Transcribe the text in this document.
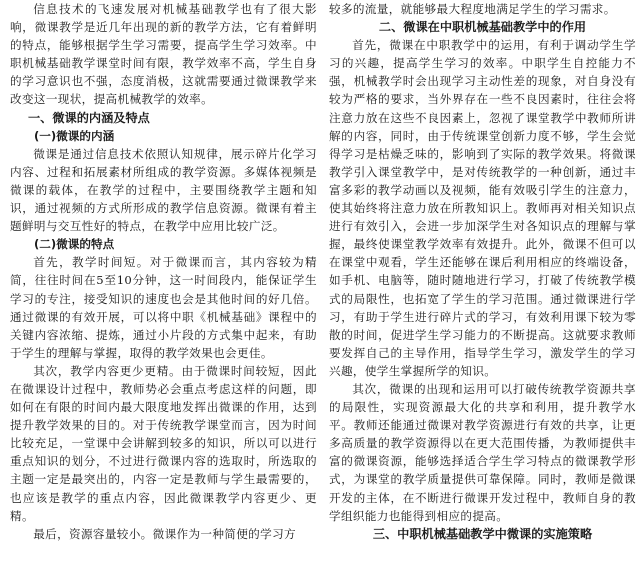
信息技术的飞速发展对机械基础教学也有了很大影响，微课教学是近几年出现的新的教学方法，它有着鲜明的特点，能够根据学生学习需要，提高学生学习效率。中职机械基础教学课堂时间有限，教学效率不高，学生自身的学习意识也不强，态度消极，这就需要通过微课教学来改变这一现状，提高机械教学的效率。

一、微课的内涵及特点
(一)微课的内涵

微课是通过信息技术依照认知规律，展示碎片化学习内容、过程和拓展素材所组成的教学资源。多媒体视频是微课的载体，在教学的过程中，主要围绕教学主题和知识，通过视频的方式所形成的教学信息资源。微课有着主题鲜明与交互性好的特点，在教学中应用比较广泛。

(二)微课的特点

首先，教学时间短。对于微课而言，其内容较为精简，往往时间在5至10分钟，这一时间段内，能保证学生学习的专注，接受知识的速度也会是其他时间的好几倍。通过微课的有效开展，可以将中职《机械基础》课程中的关键内容浓缩、提炼，通过小片段的方式集中起来，有助于学生的理解与掌握，取得的教学效果也会更佳。

其次，教学内容更少更精。由于微课时间较短，因此在微课设计过程中，教师势必会重点考虑这样的问题，即如何在有限的时间内最大限度地发挥出微课的作用，达到提升教学效果的目的。对于传统教学课堂而言，因为时间比较充足，一堂课中会讲解到较多的知识，所以可以进行重点知识的划分，不过进行微课内容的选取时，所选取的主题一定是最突出的，内容一定是教师与学生最需要的，也应该是教学的重点内容，因此微课教学内容更少、更精。

最后，资源容量较小。微课作为一种简便的学习方

较多的流量，就能够最大程度地满足学生的学习需求。

二、微课在中职机械基础教学中的作用

首先，微课在中职教学中的运用，有利于调动学生学习的兴趣，提高学生学习的效率。中职学生自控能力不强，机械教学时会出现学习主动性差的现象，对自身没有较为严格的要求，当外界存在一些不良因素时，往往会将注意力放在这些不良因素上，忽视了课堂教学中教师所讲解的内容，同时，由于传统课堂创新力度不够，学生会觉得学习是枯燥乏味的，影响到了实际的教学效果。将微课教学引入课堂教学中，是对传统教学的一种创新，通过丰富多彩的教学动画以及视频，能有效吸引学生的注意力，使其始终将注意力放在所教知识上。教师再对相关知识点进行有效引入，会进一步加深学生对各知识点的理解与掌握，最终使课堂教学效率有效提升。此外，微课不但可以在课堂中观看，学生还能够在课后利用相应的终端设备，如手机、电脑等，随时随地进行学习，打破了传统教学模式的局限性，也拓宽了学生的学习范围。通过微课进行学习，有助于学生进行碎片式的学习，有效利用课下较为零散的时间，促进学生学习能力的不断提高。这就要求教师要发挥自己的主导作用，指导学生学习，激发学生的学习兴趣，使学生掌握所学的知识。

其次，微课的出现和运用可以打破传统教学资源共享的局限性，实现资源最大化的共享和利用，提升教学水平。教师还能通过微课对教学资源进行有效的共享，让更多高质量的教学资源得以在更大范围传播，为教师提供丰富的微课资源，能够选择适合学生学习特点的微课教学形式，为课堂的教学质量提供可靠保障。同时，教师是微课开发的主体，在不断进行微课开发过程中，教师自身的教学组织能力也能得到相应的提高。

三、中职机械基础教学中微课的实施策略
